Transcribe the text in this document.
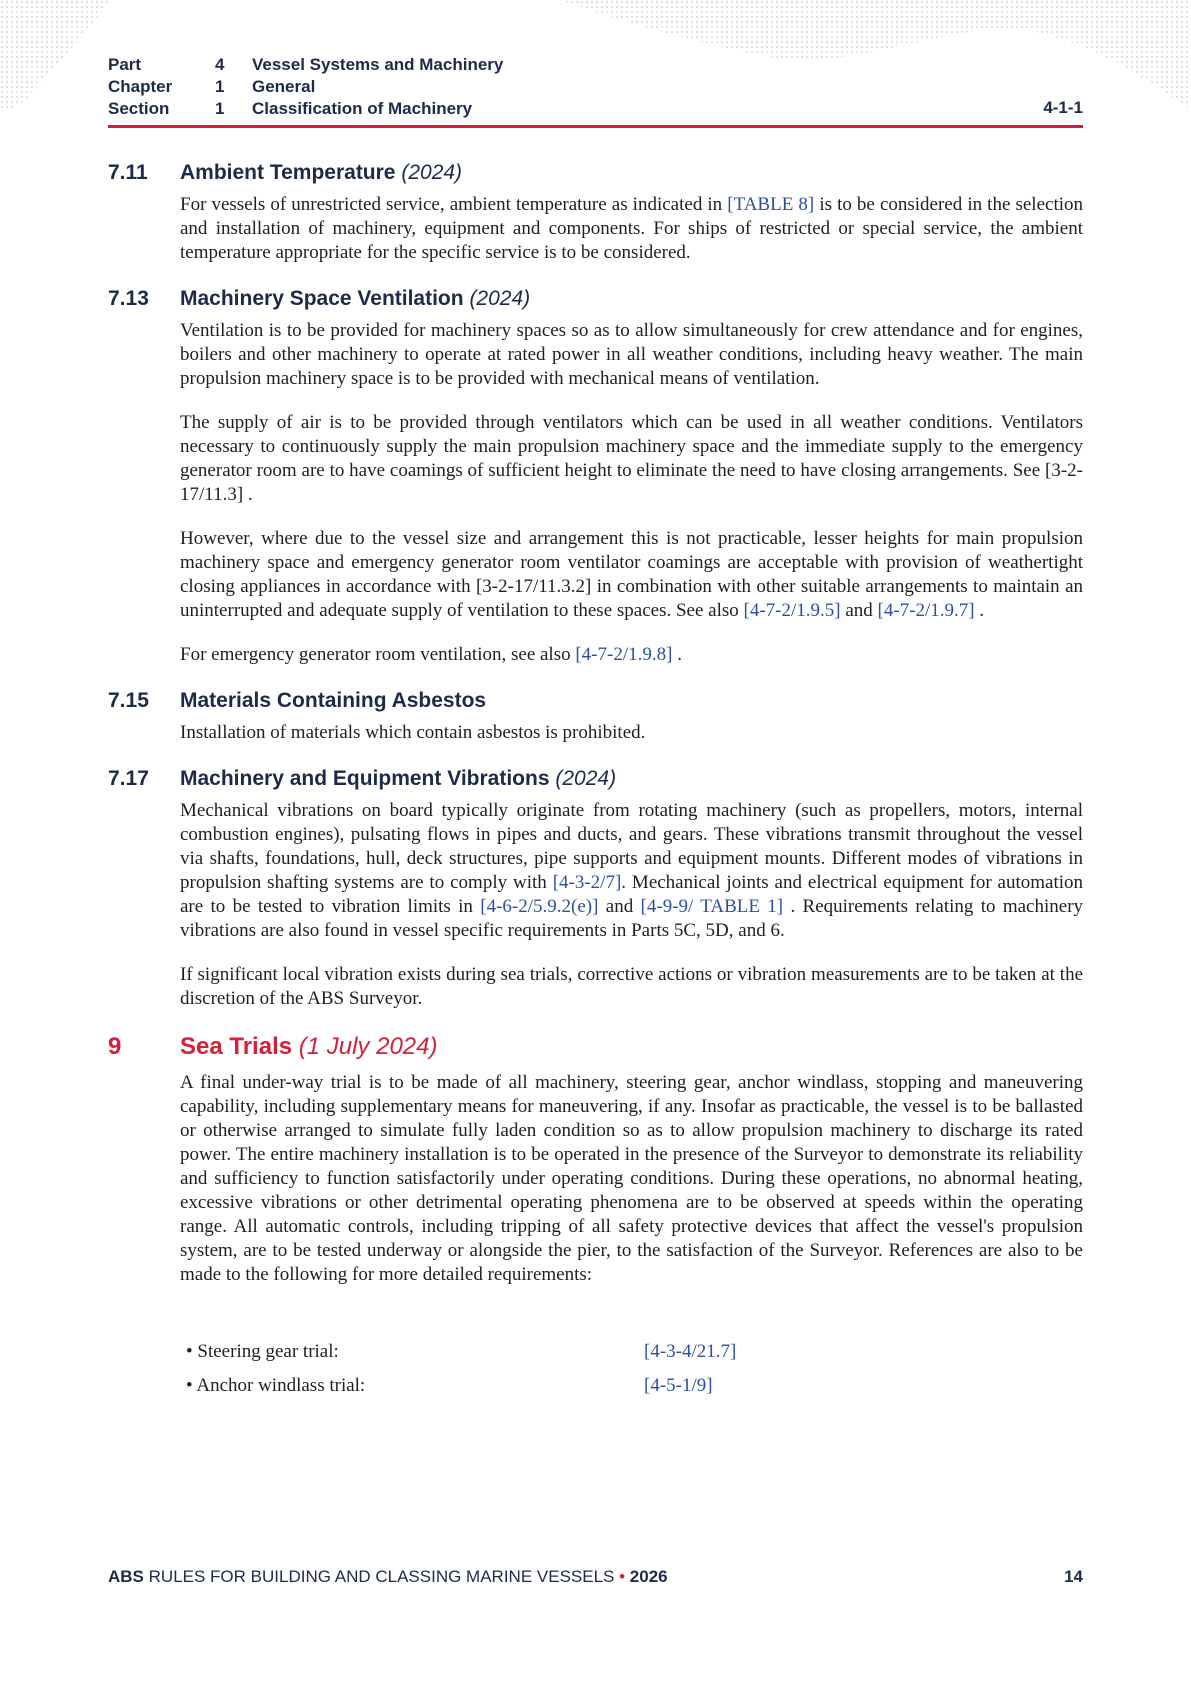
Part	4 Vessel Systems and Machinery
Chapter	1 General
Section	1 Classification of Machinery	4-1-1
7.11 Ambient Temperature (2024)

For vessels of unrestricted service, ambient temperature as indicated in [TABLE 8] is to be considered in the selection and installation of machinery, equipment and components. For ships of restricted or special service, the ambient temperature appropriate for the specific service is to be considered.

7.13 Machinery Space Ventilation (2024)

Ventilation is to be provided for machinery spaces so as to allow simultaneously for crew attendance and for engines, boilers and other machinery to operate at rated power in all weather conditions, including heavy weather. The main propulsion machinery space is to be provided with mechanical means of ventilation.

The supply of air is to be provided through ventilators which can be used in all weather conditions. Ventilators necessary to continuously supply the main propulsion machinery space and the immediate supply to the emergency generator room are to have coamings of sufficient height to eliminate the need to have closing arrangements. See [3-2-17/11.3] .

However, where due to the vessel size and arrangement this is not practicable, lesser heights for main propulsion machinery space and emergency generator room ventilator coamings are acceptable with provision of weathertight closing appliances in accordance with [3-2-17/11.3.2] in combination with other suitable arrangements to maintain an uninterrupted and adequate supply of ventilation to these spaces. See also [4-7-2/1.9.5] and [4-7-2/1.9.7] .

For emergency generator room ventilation, see also [4-7-2/1.9.8] .

7.15 Materials Containing Asbestos

Installation of materials which contain asbestos is prohibited.

7.17 Machinery and Equipment Vibrations (2024)

Mechanical vibrations on board typically originate from rotating machinery (such as propellers, motors, internal combustion engines), pulsating flows in pipes and ducts, and gears. These vibrations transmit throughout the vessel via shafts, foundations, hull, deck structures, pipe supports and equipment mounts. Different modes of vibrations in propulsion shafting systems are to comply with [4-3-2/7]. Mechanical joints and electrical equipment for automation are to be tested to vibration limits in [4-6-2/5.9.2(e)] and [4-9-9/ TABLE 1] . Requirements relating to machinery vibrations are also found in vessel specific requirements in Parts 5C, 5D, and 6.

If significant local vibration exists during sea trials, corrective actions or vibration measurements are to be taken at the discretion of the ABS Surveyor.

9 Sea Trials (1 July 2024)

A final under-way trial is to be made of all machinery, steering gear, anchor windlass, stopping and maneuvering capability, including supplementary means for maneuvering, if any. Insofar as practicable, the vessel is to be ballasted or otherwise arranged to simulate fully laden condition so as to allow propulsion machinery to discharge its rated power. The entire machinery installation is to be operated in the presence of the Surveyor to demonstrate its reliability and sufficiency to function satisfactorily under operating conditions. During these operations, no abnormal heating, excessive vibrations or other detrimental operating phenomena are to be observed at speeds within the operating range. All automatic controls, including tripping of all safety protective devices that affect the vessel's propulsion system, are to be tested underway or alongside the pier, to the satisfaction of the Surveyor. References are also to be made to the following for more detailed requirements:

• Steering gear trial:	[4-3-4/21.7]
• Anchor windlass trial:	[4-5-1/9]
ABS RULES FOR BUILDING AND CLASSING MARINE VESSELS • 2026	14
